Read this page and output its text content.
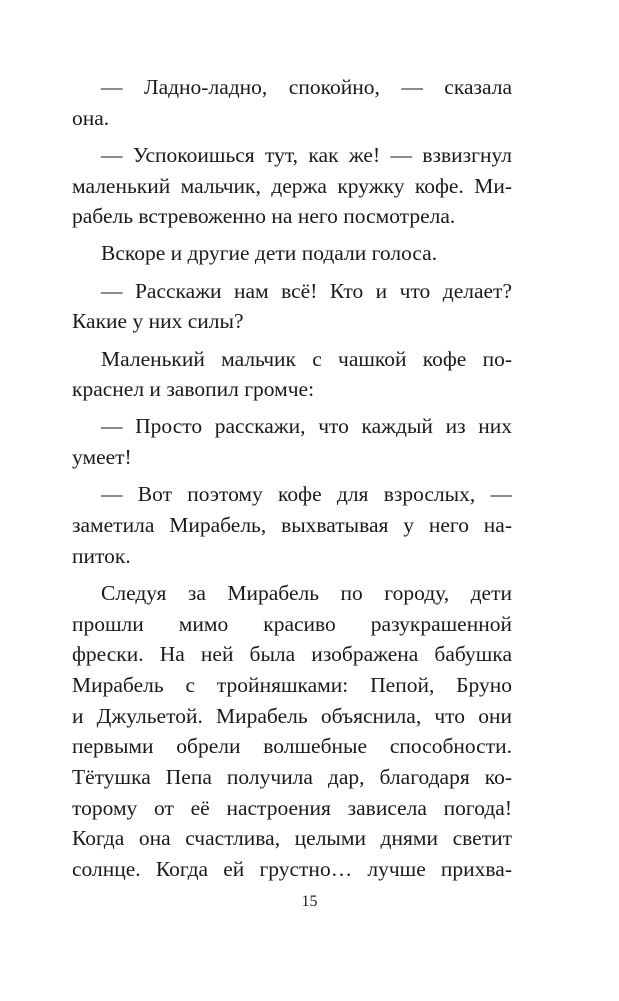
— Ладно-ладно, спокойно, — сказала
она.
— Успокоишься тут, как же! — взвизгнул
маленький мальчик, держа кружку кофе. Ми-
рабель встревоженно на него посмотрела.
Вскоре и другие дети подали голоса.
— Расскажи нам всё! Кто и что делает?
Какие у них силы?
Маленький мальчик с чашкой кофе по-
краснел и завопил громче:
— Просто расскажи, что каждый из них
умеет!
— Вот поэтому кофе для взрослых, —
заметила Мирабель, выхватывая у него на-
питок.
Следуя за Мирабель по городу, дети
прошли мимо красиво разукрашенной
фрески. На ней была изображена бабушка
Мирабель с тройняшками: Пепой, Бруно
и Джульетой. Мирабель объяснила, что они
первыми обрели волшебные способности.
Тётушка Пепа получила дар, благодаря ко-
торому от её настроения зависела погода!
Когда она счастлива, целыми днями светит
солнце. Когда ей грустно… лучше прихва-
15
